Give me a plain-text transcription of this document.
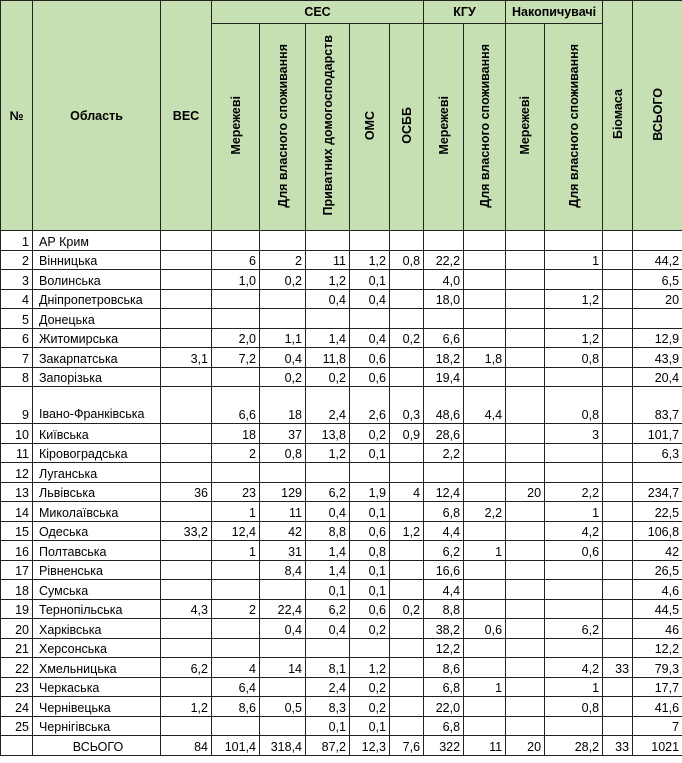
№	Область	ВЕС	СЕС					КГУ		Накопичувачі		Біомаса	ВСЬОГО
			Мережеві	Для власного споживання	Приватних домогосподарств	ОМС	ОСББ	Мережеві	Для власного споживання	Мережеві	Для власного споживання		
1	АР Крим												
2	Вінницька		6	2	11	1,2	0,8	22,2			1		44,2
3	Волинська		1,0	0,2	1,2	0,1		4,0					6,5
4	Дніпропетровська				0,4	0,4		18,0			1,2		20
5	Донецька												
6	Житомирська		2,0	1,1	1,4	0,4	0,2	6,6			1,2		12,9
7	Закарпатська	3,1	7,2	0,4	11,8	0,6		18,2	1,8		0,8		43,9
8	Запорізька			0,2	0,2	0,6		19,4					20,4
9	Івано-Франківська		6,6	18	2,4	2,6	0,3	48,6	4,4		0,8		83,7
10	Київська		18	37	13,8	0,2	0,9	28,6			3		101,7
11	Кіровоградська		2	0,8	1,2	0,1		2,2					6,3
12	Луганська												
13	Львівська	36	23	129	6,2	1,9	4	12,4		20	2,2		234,7
14	Миколаївська		1	11	0,4	0,1		6,8	2,2		1		22,5
15	Одеська	33,2	12,4	42	8,8	0,6	1,2	4,4			4,2		106,8
16	Полтавська		1	31	1,4	0,8		6,2	1		0,6		42
17	Рівненська			8,4	1,4	0,1		16,6					26,5
18	Сумська				0,1	0,1		4,4					4,6
19	Тернопільська	4,3	2	22,4	6,2	0,6	0,2	8,8					44,5
20	Харківська			0,4	0,4	0,2		38,2	0,6		6,2		46
21	Херсонська							12,2					12,2
22	Хмельницька	6,2	4	14	8,1	1,2		8,6			4,2	33	79,3
23	Черкаська		6,4		2,4	0,2		6,8	1		1		17,7
24	Чернівецька	1,2	8,6	0,5	8,3	0,2		22,0			0,8		41,6
25	Чернігівська				0,1	0,1		6,8					7
	ВСЬОГО	84	101,4	318,4	87,2	12,3	7,6	322	11	20	28,2	33	1021
